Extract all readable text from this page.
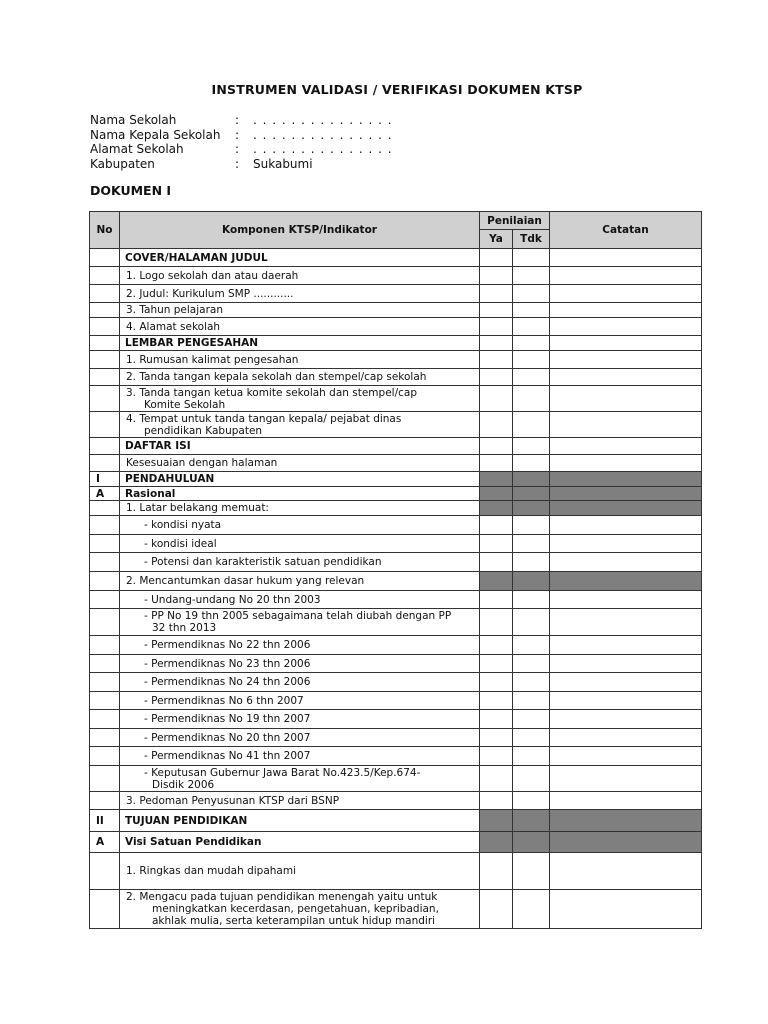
INSTRUMEN VALIDASI / VERIFIKASI DOKUMEN KTSP
Nama Sekolah	:	. . . . . . . . . . . . . . .
Nama Kepala Sekolah	:	. . . . . . . . . . . . . . .
Alamat Sekolah	:	. . . . . . . . . . . . . . .
Kabupaten	:	Sukabumi
DOKUMEN I
No	Komponen KTSP/Indikator	Penilaian		Catatan
		Ya	Tdk	

	COVER/HALAMAN JUDUL			

	1. Logo sekolah dan atau daerah			

	2. Judul: Kurikulum SMP ............			

	3. Tahun pelajaran			

	4. Alamat sekolah			

	LEMBAR PENGESAHAN			

	1. Rumusan kalimat pengesahan			

	2. Tanda tangan kepala sekolah dan stempel/cap sekolah			

	3. Tanda tangan ketua komite sekolah dan stempel/cap
Komite Sekolah			

	4. Tempat untuk tanda tangan kepala/ pejabat dinas
pendidikan Kabupaten			

	DAFTAR ISI			

	Kesesuaian dengan halaman			

I	PENDAHULUAN			

A	Rasional			

	1. Latar belakang memuat:			

	- kondisi nyata			

	- kondisi ideal			

	- Potensi dan karakteristik satuan pendidikan			

	2. Mencantumkan dasar hukum yang relevan			

	- Undang-undang No 20 thn 2003			

	- PP No 19 thn 2005 sebagaimana telah diubah dengan PP
32 thn 2013			

	- Permendiknas No 22 thn 2006			

	- Permendiknas No 23 thn 2006			

	- Permendiknas No 24 thn 2006			

	- Permendiknas No 6 thn 2007			

	- Permendiknas No 19 thn 2007			

	- Permendiknas No 20 thn 2007			

	- Permendiknas No 41 thn 2007			

	- Keputusan Gubernur Jawa Barat No.423.5/Kep.674-
Disdik 2006			

	3. Pedoman Penyusunan KTSP dari BSNP			

II	TUJUAN PENDIDIKAN			

A	Visi Satuan Pendidikan			

	1. Ringkas dan mudah dipahami			

	2. Mengacu pada tujuan pendidikan menengah yaitu untuk
meningkatkan kecerdasan, pengetahuan, kepribadian,
akhlak mulia, serta keterampilan untuk hidup mandiri			
